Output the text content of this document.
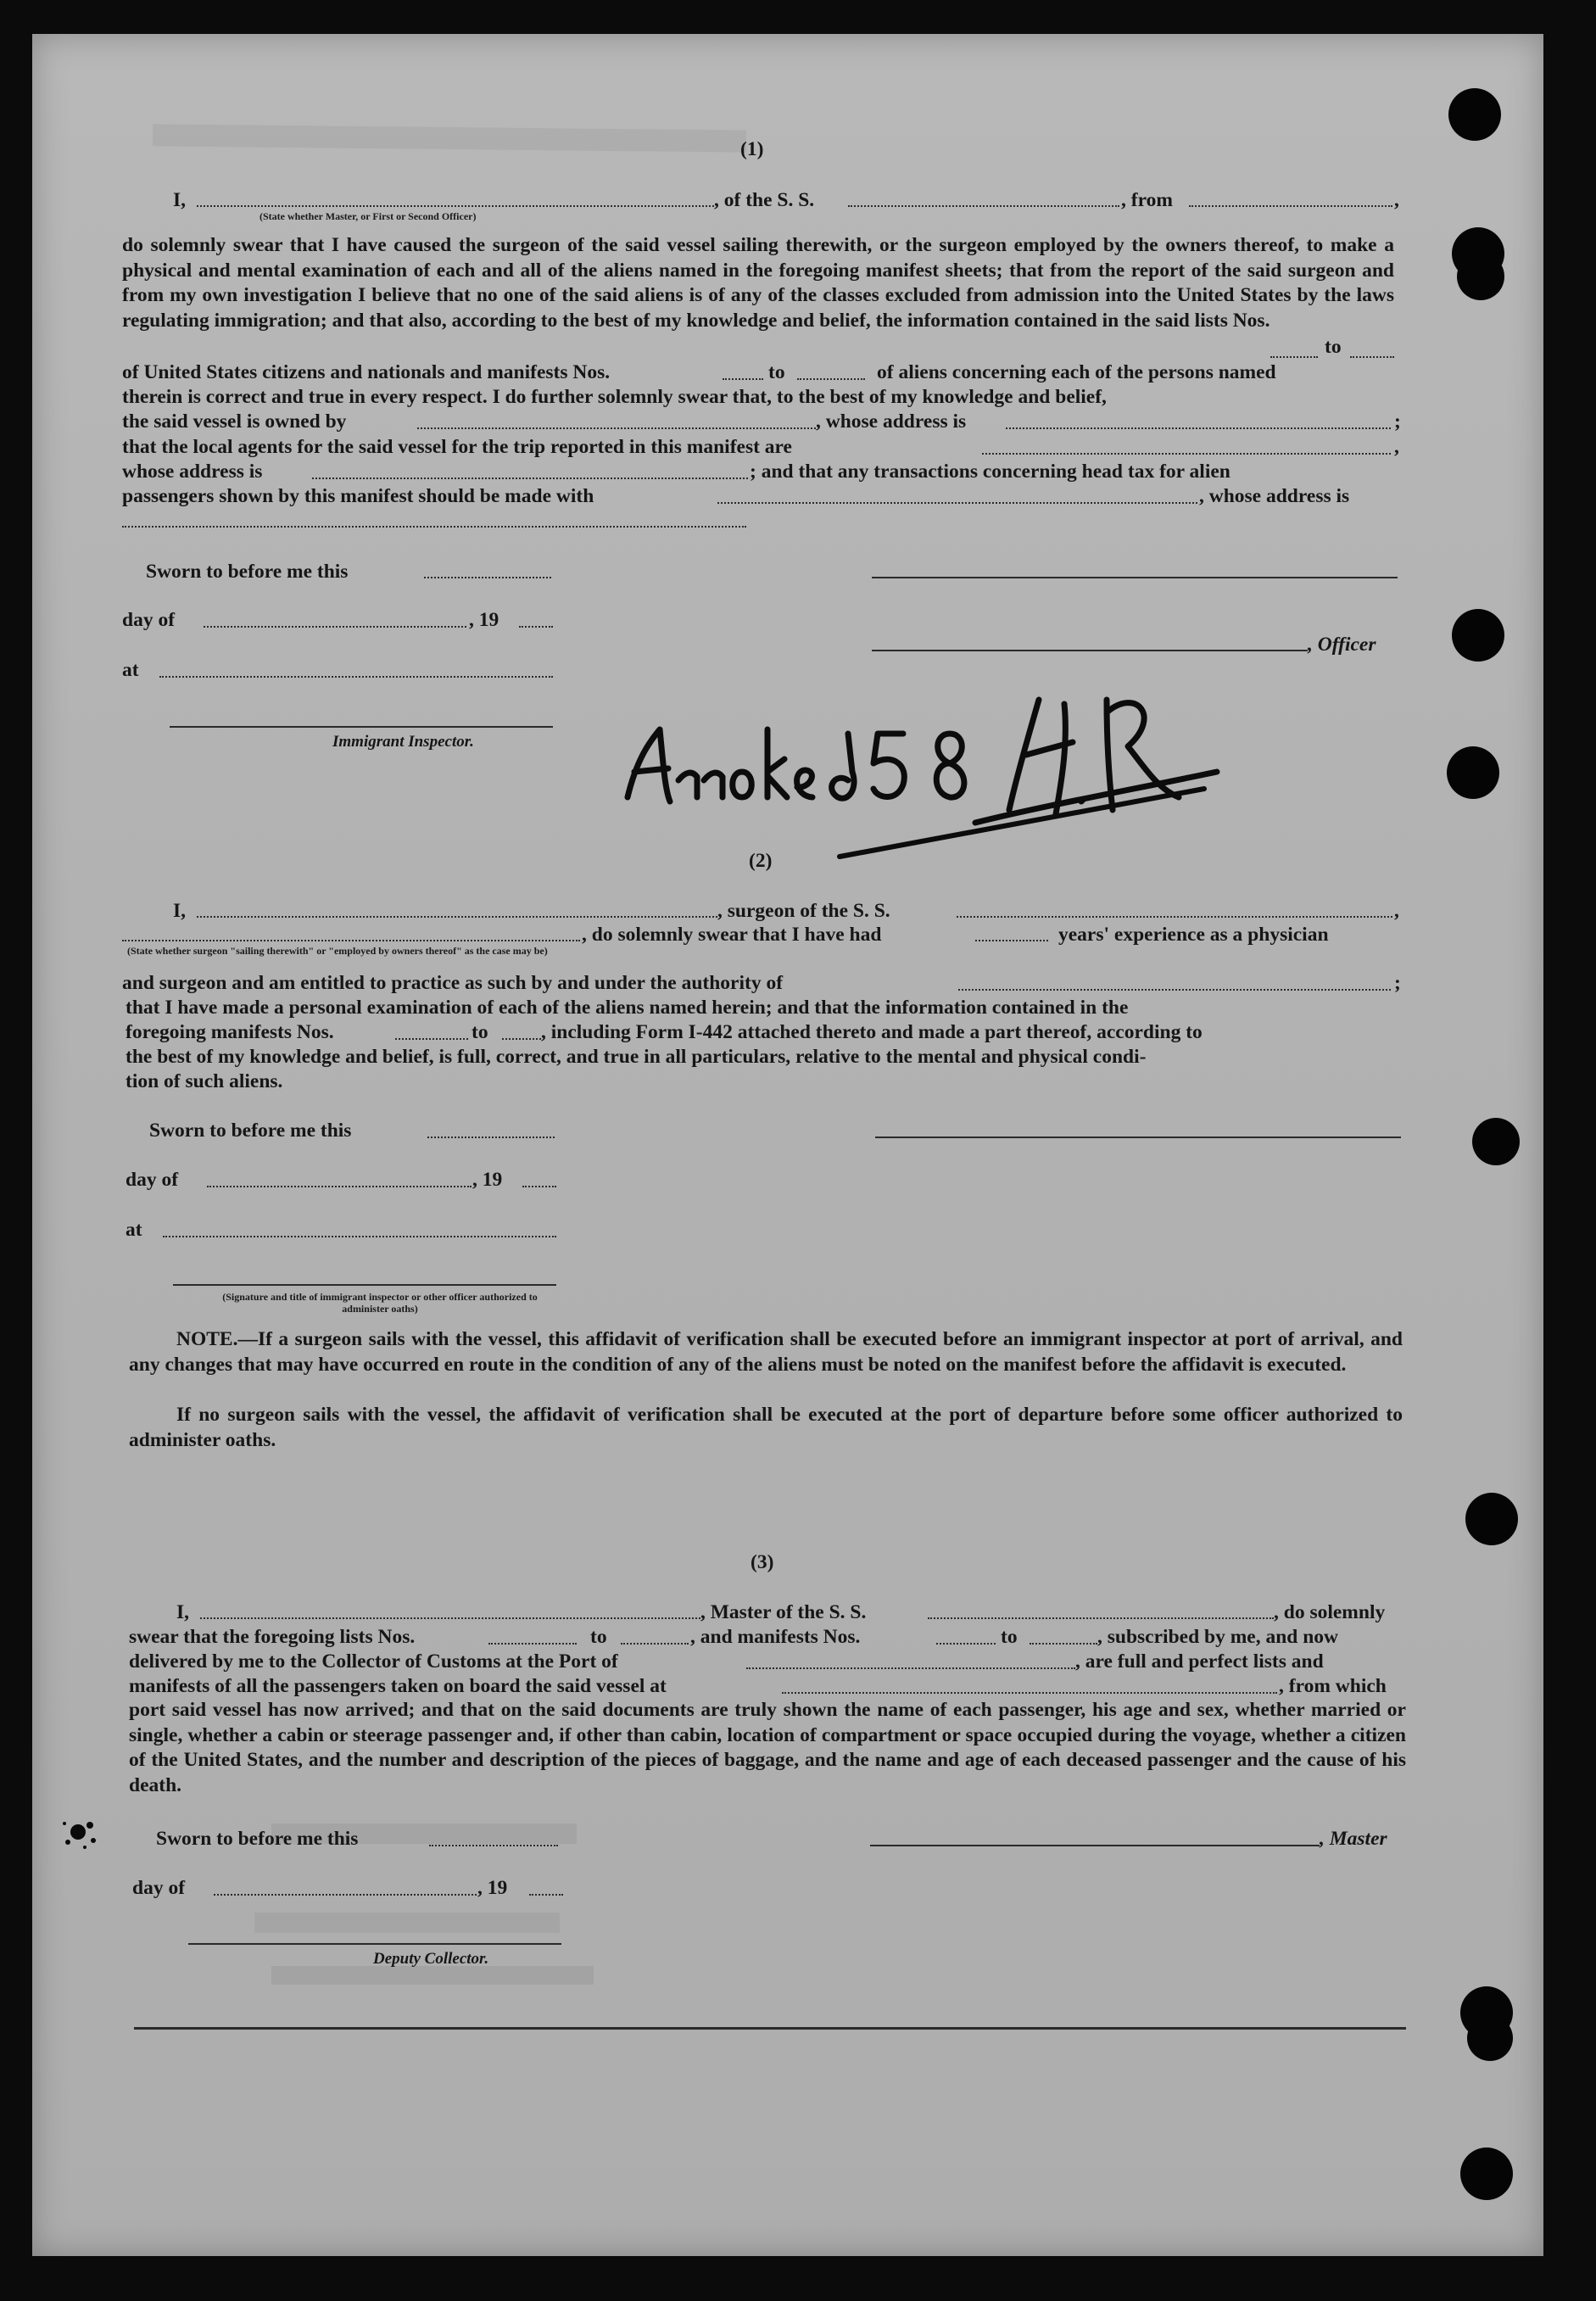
(1)
I,	, of the S. S.	, from	,
(State whether Master, or First or Second Officer)
do solemnly swear that I have caused the surgeon of the said vessel sailing therewith, or the surgeon employed by the owners thereof, to make a physical and mental examination of each and all of the aliens named in the foregoing manifest sheets; that from the report of the said surgeon and from my own investigation I believe that no one of the said aliens is of any of the classes excluded from admission into the United States by the laws regulating immigration; and that also, according to the best of my knowledge and belief, the information contained in the said lists Nos.
to
of United States citizens and nationals and manifests Nos.	to	of aliens concerning each of the persons named
therein is correct and true in every respect. I do further solemnly swear that, to the best of my knowledge and belief,
the said vessel is owned by	, whose address is	;
that the local agents for the said vessel for the trip reported in this manifest are	,
whose address is	; and that any transactions concerning head tax for alien
passengers shown by this manifest should be made with	, whose address is
Sworn to before me this
day of	, 19
, Officer
at
Immigrant Inspector.
(2)
I,	, surgeon of the S. S.	,
, do solemnly swear that I have had	years' experience as a physician
(State whether surgeon "sailing therewith" or "employed by owners thereof" as the case may be)
and surgeon and am entitled to practice as such by and under the authority of	;
that I have made a personal examination of each of the aliens named herein; and that the information contained in the
foregoing manifests Nos.	to	, including Form I-442 attached thereto and made a part thereof, according to
the best of my knowledge and belief, is full, correct, and true in all particulars, relative to the mental and physical condi-
tion of such aliens.
Sworn to before me this
day of	, 19
at
(Signature and title of immigrant inspector or other officer authorized to administer oaths)
NOTE.—If a surgeon sails with the vessel, this affidavit of verification shall be executed before an immigrant inspector at port of arrival, and any changes that may have occurred en route in the condition of any of the aliens must be noted on the manifest before the affidavit is executed.
If no surgeon sails with the vessel, the affidavit of verification shall be executed at the port of departure before some officer authorized to administer oaths.
(3)
I,	, Master of the S. S.	, do solemnly
swear that the foregoing lists Nos.	to	, and manifests Nos.	to	, subscribed by me, and now
delivered by me to the Collector of Customs at the Port of	, are full and perfect lists and
manifests of all the passengers taken on board the said vessel at	, from which
port said vessel has now arrived; and that on the said documents are truly shown the name of each passenger, his age and sex, whether married or single, whether a cabin or steerage passenger and, if other than cabin, location of compartment or space occupied during the voyage, whether a citizen of the United States, and the number and description of the pieces of baggage, and the name and age of each deceased passenger and the cause of his death.
Sworn to before me this	, Master
day of	, 19
Deputy Collector.
